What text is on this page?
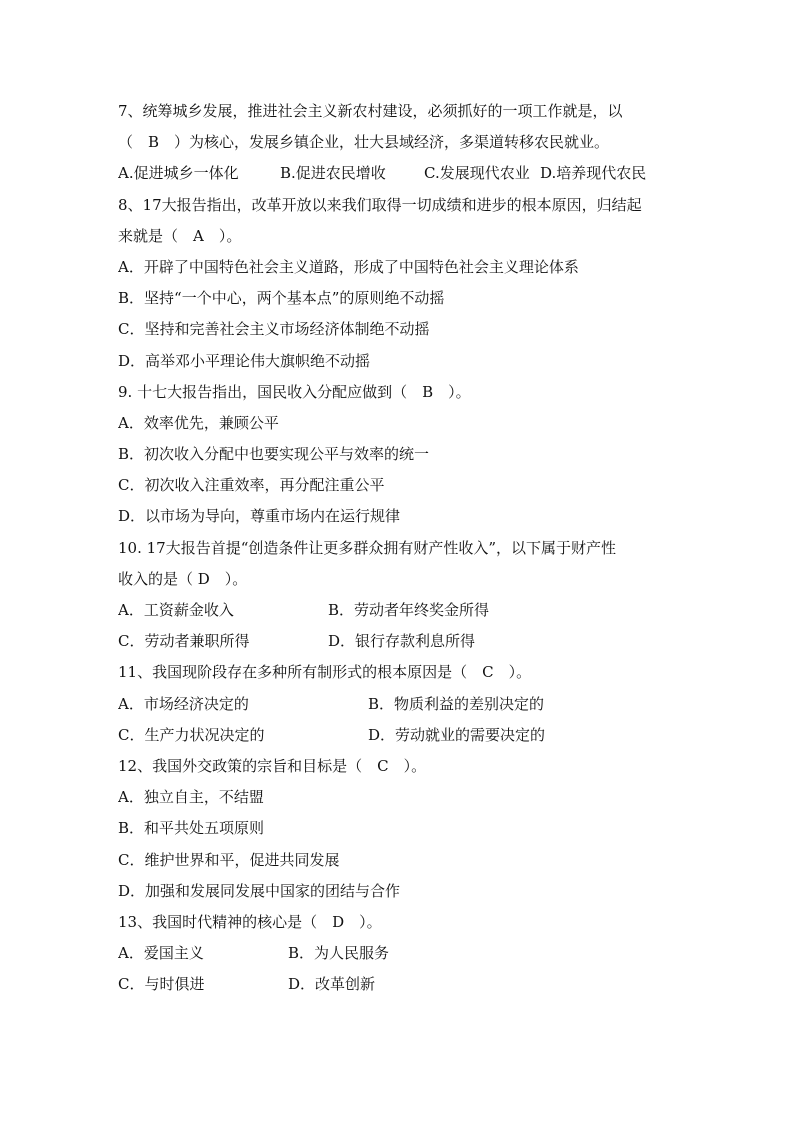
7、统筹城乡发展，推进社会主义新农村建设，必须抓好的一项工作就是，以
（　B　）为核心，发展乡镇企业，壮大县域经济，多渠道转移农民就业。
A.促进城乡一体化	B.促进农民增收	C.发展现代农业 D.培养现代农民
8、17大报告指出，改革开放以来我们取得一切成绩和进步的根本原因，归结起
来就是（　A　）。
A．开辟了中国特色社会主义道路，形成了中国特色社会主义理论体系
B．坚持“一个中心，两个基本点”的原则绝不动摇
C．坚持和完善社会主义市场经济体制绝不动摇
D．高举邓小平理论伟大旗帜绝不动摇
9. 十七大报告指出，国民收入分配应做到（　B　）。
A．效率优先，兼顾公平
B．初次收入分配中也要实现公平与效率的统一
C．初次收入注重效率，再分配注重公平
D．以市场为导向，尊重市场内在运行规律
10. 17大报告首提“创造条件让更多群众拥有财产性收入”，以下属于财产性
收入的是（ D　）。
A．工资薪金收入	B．劳动者年终奖金所得
C．劳动者兼职所得	D．银行存款利息所得
11、我国现阶段存在多种所有制形式的根本原因是（　C　）。
A．市场经济决定的	B．物质利益的差别决定的
C．生产力状况决定的	D．劳动就业的需要决定的
12、我国外交政策的宗旨和目标是（　C　）。
A．独立自主，不结盟
B．和平共处五项原则
C．维护世界和平，促进共同发展
D．加强和发展同发展中国家的团结与合作
13、我国时代精神的核心是（　D　）。
A．爱国主义	B．为人民服务
C．与时俱进	D．改革创新
